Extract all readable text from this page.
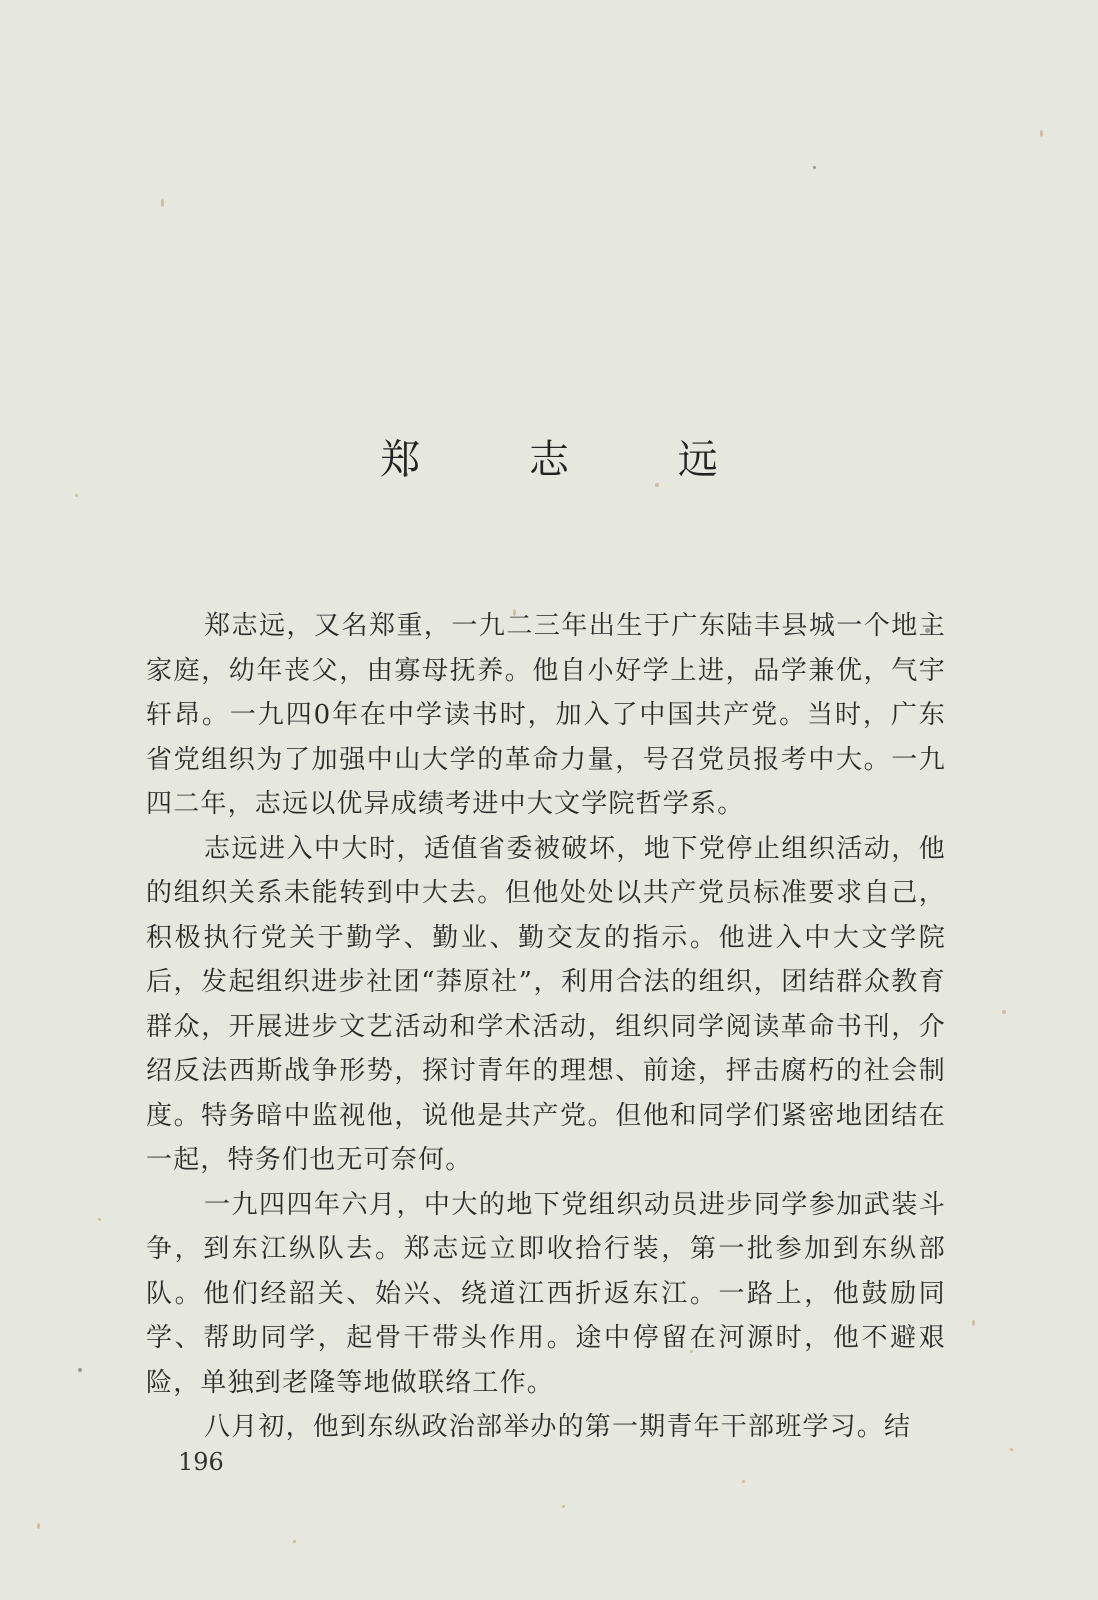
郑 志 远

郑志远，又名郑重，一九二三年出生于广东陆丰县城一个地主家庭，幼年丧父，由寡母抚养。他自小好学上进，品学兼优，气宇轩昂。一九四0年在中学读书时，加入了中国共产党。当时，广东省党组织为了加强中山大学的革命力量，号召党员报考中大。一九四二年，志远以优异成绩考进中大文学院哲学系。

志远进入中大时，适值省委被破坏，地下党停止组织活动，他的组织关系未能转到中大去。但他处处以共产党员标准要求自己，积极执行党关于勤学、勤业、勤交友的指示。他进入中大文学院后，发起组织进步社团“莽原社”，利用合法的组织，团结群众教育群众，开展进步文艺活动和学术活动，组织同学阅读革命书刊，介绍反法西斯战争形势，探讨青年的理想、前途，抨击腐朽的社会制度。特务暗中监视他，说他是共产党。但他和同学们紧密地团结在一起，特务们也无可奈何。

一九四四年六月，中大的地下党组织动员进步同学参加武装斗争，到东江纵队去。郑志远立即收拾行装，第一批参加到东纵部队。他们经韶关、始兴、绕道江西折返东江。一路上，他鼓励同学、帮助同学，起骨干带头作用。途中停留在河源时，他不避艰险，单独到老隆等地做联络工作。

八月初，他到东纵政治部举办的第一期青年干部班学习。结

196
